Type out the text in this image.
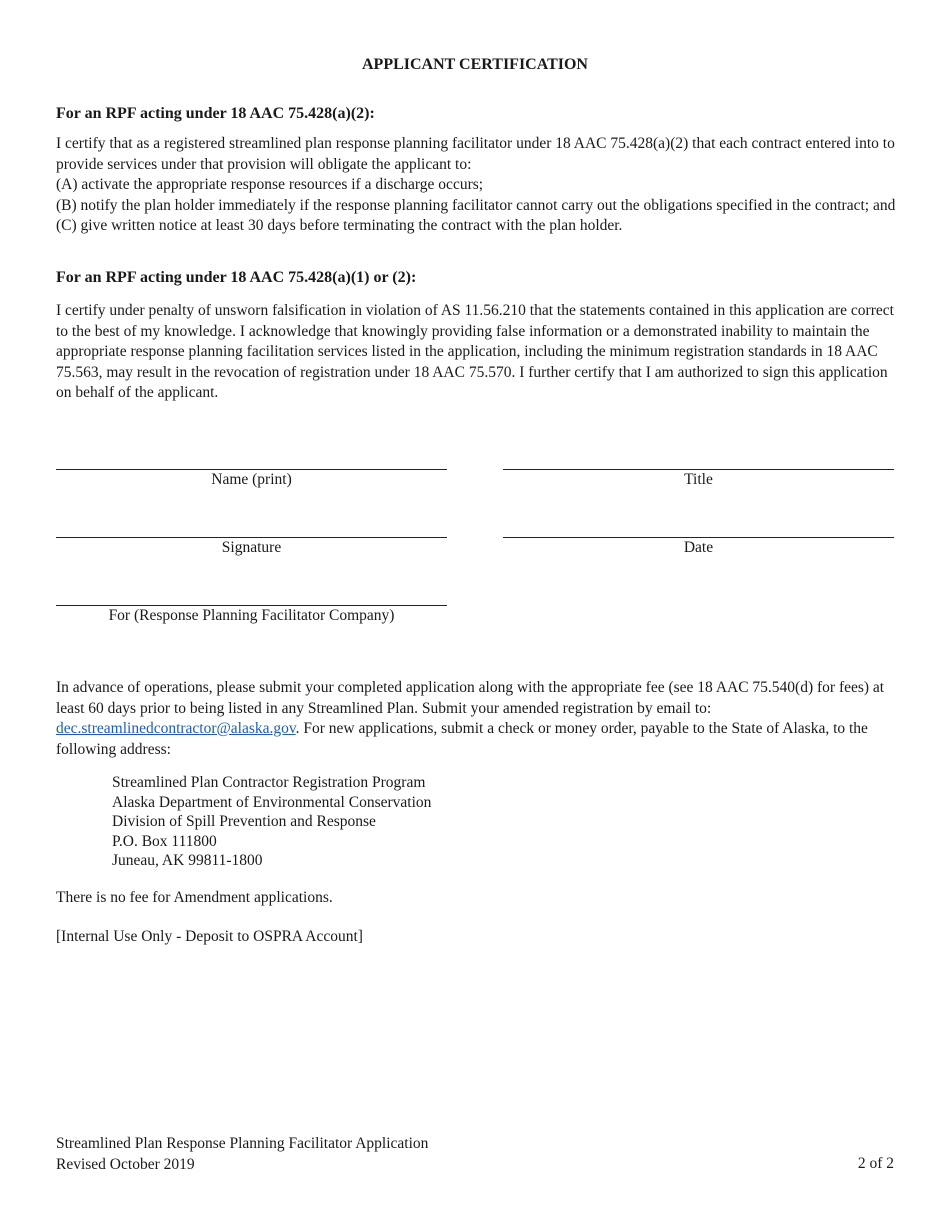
APPLICANT CERTIFICATION
For an RPF acting under 18 AAC 75.428(a)(2):

I certify that as a registered streamlined plan response planning facilitator under 18 AAC 75.428(a)(2) that each contract entered into to provide services under that provision will obligate the applicant to:

(A) activate the appropriate response resources if a discharge occurs;

(B) notify the plan holder immediately if the response planning facilitator cannot carry out the obligations specified in the contract; and

(C) give written notice at least 30 days before terminating the contract with the plan holder.

For an RPF acting under 18 AAC 75.428(a)(1) or (2):

I certify under penalty of unsworn falsification in violation of AS 11.56.210 that the statements contained in this application are correct to the best of my knowledge. I acknowledge that knowingly providing false information or a demonstrated inability to maintain the appropriate response planning facilitation services listed in the application, including the minimum registration standards in 18 AAC 75.563, may result in the revocation of registration under 18 AAC 75.570. I further certify that I am authorized to sign this application on behalf of the applicant.

Name (print)	Title
Signature	Date
For (Response Planning Facilitator Company)

In advance of operations, please submit your completed application along with the appropriate fee (see 18 AAC 75.540(d) for fees) at least 60 days prior to being listed in any Streamlined Plan. Submit your amended registration by email to: dec.streamlinedcontractor@alaska.gov. For new applications, submit a check or money order, payable to the State of Alaska, to the following address:

Streamlined Plan Contractor Registration Program
Alaska Department of Environmental Conservation
Division of Spill Prevention and Response
P.O. Box 111800
Juneau, AK 99811-1800
There is no fee for Amendment applications.
[Internal Use Only - Deposit to OSPRA Account]
Streamlined Plan Response Planning Facilitator Application
Revised October 2019	2 of 2
